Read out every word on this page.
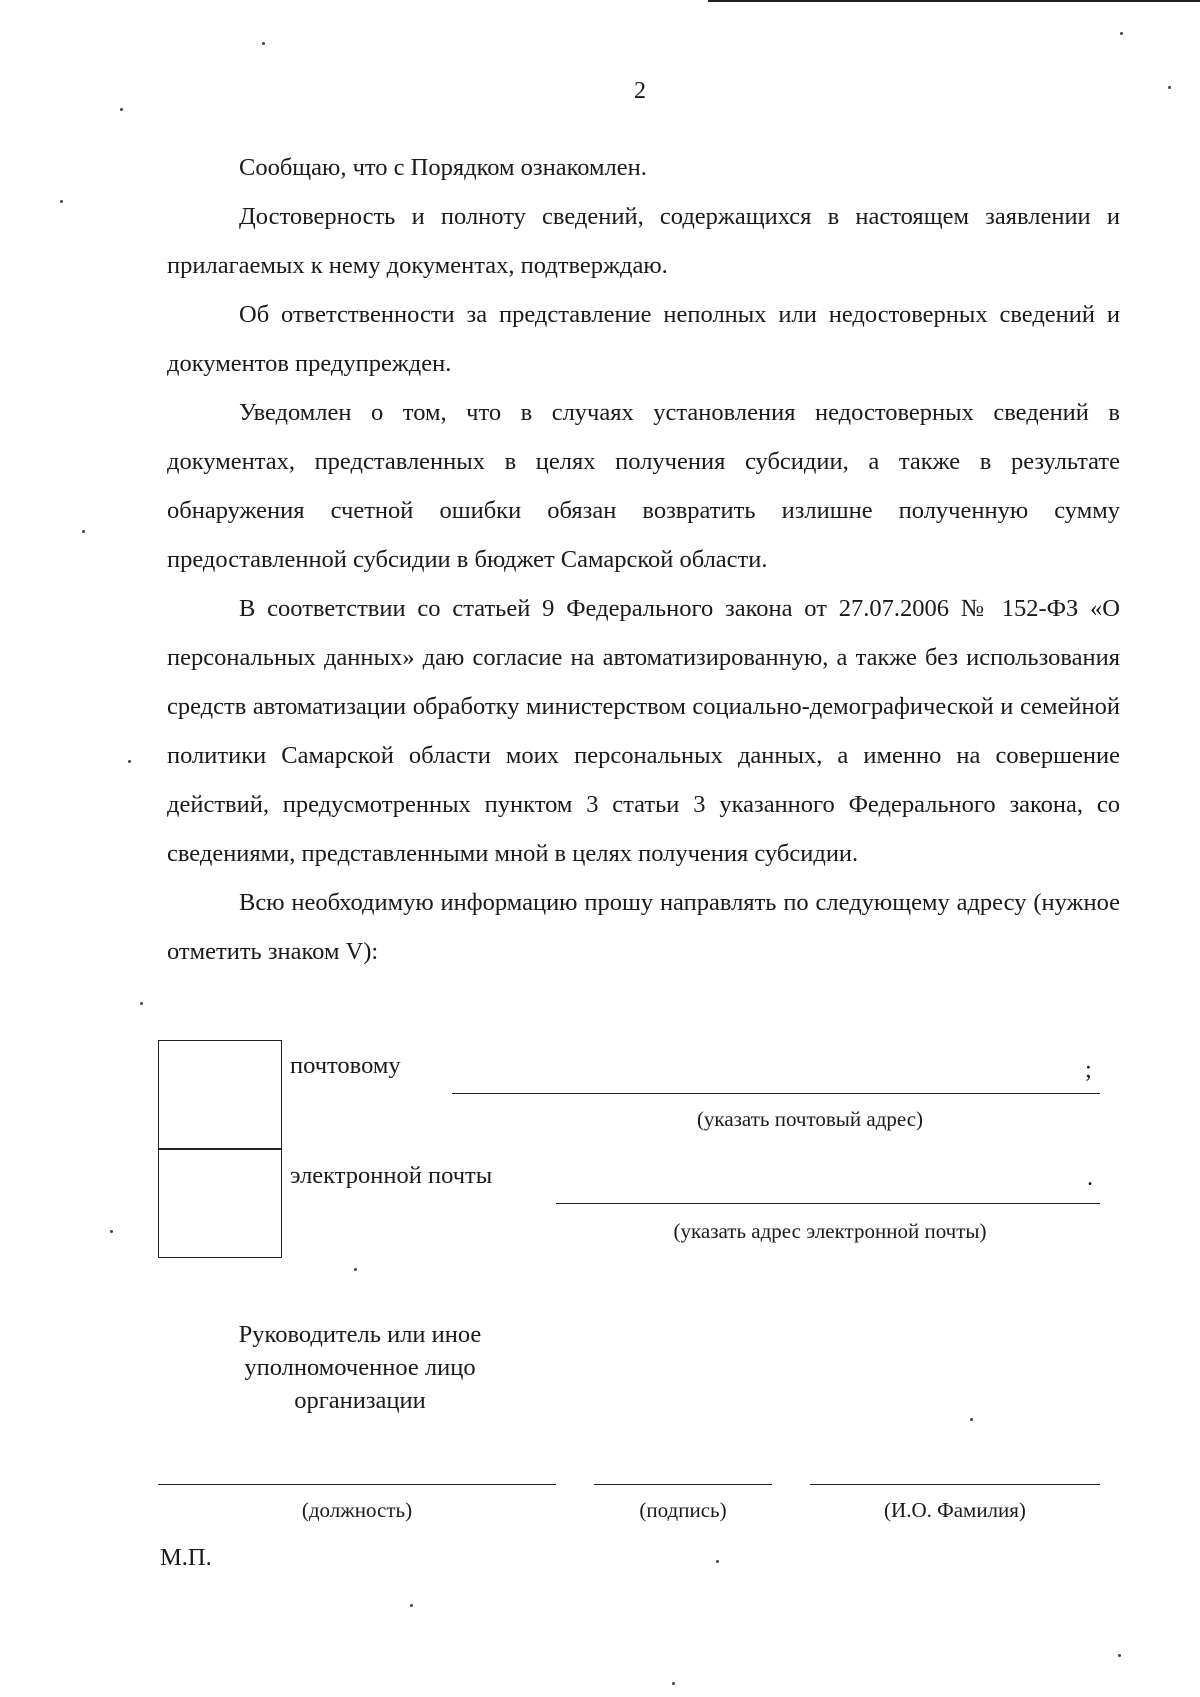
2

Сообщаю, что с Порядком ознакомлен.

Достоверность и полноту сведений, содержащихся в настоящем заявлении и прилагаемых к нему документах, подтверждаю.

Об ответственности за представление неполных или недостоверных сведений и документов предупрежден.

Уведомлен о том, что в случаях установления недостоверных сведений в документах, представленных в целях получения субсидии, а также в результате обнаружения счетной ошибки обязан возвратить излишне полученную сумму предоставленной субсидии в бюджет Самарской области.

В соответствии со статьей 9 Федерального закона от 27.07.2006 № 152-ФЗ «О персональных данных» даю согласие на автоматизированную, а также без использования средств автоматизации обработку министерством социально-демографической и семейной политики Самарской области моих персональных данных, а именно на совершение действий, предусмотренных пунктом 3 статьи 3 указанного Федерального закона, со сведениями, представленными мной в целях получения субсидии.

Всю необходимую информацию прошу направлять по следующему адресу (нужное отметить знаком V):

почтовому	;
(указать почтовый адрес)
электронной почты	.
(указать адрес электронной почты)
Руководитель или иное
уполномоченное лицо
организации
(должность)	(подпись)	(И.О. Фамилия)
М.П.
